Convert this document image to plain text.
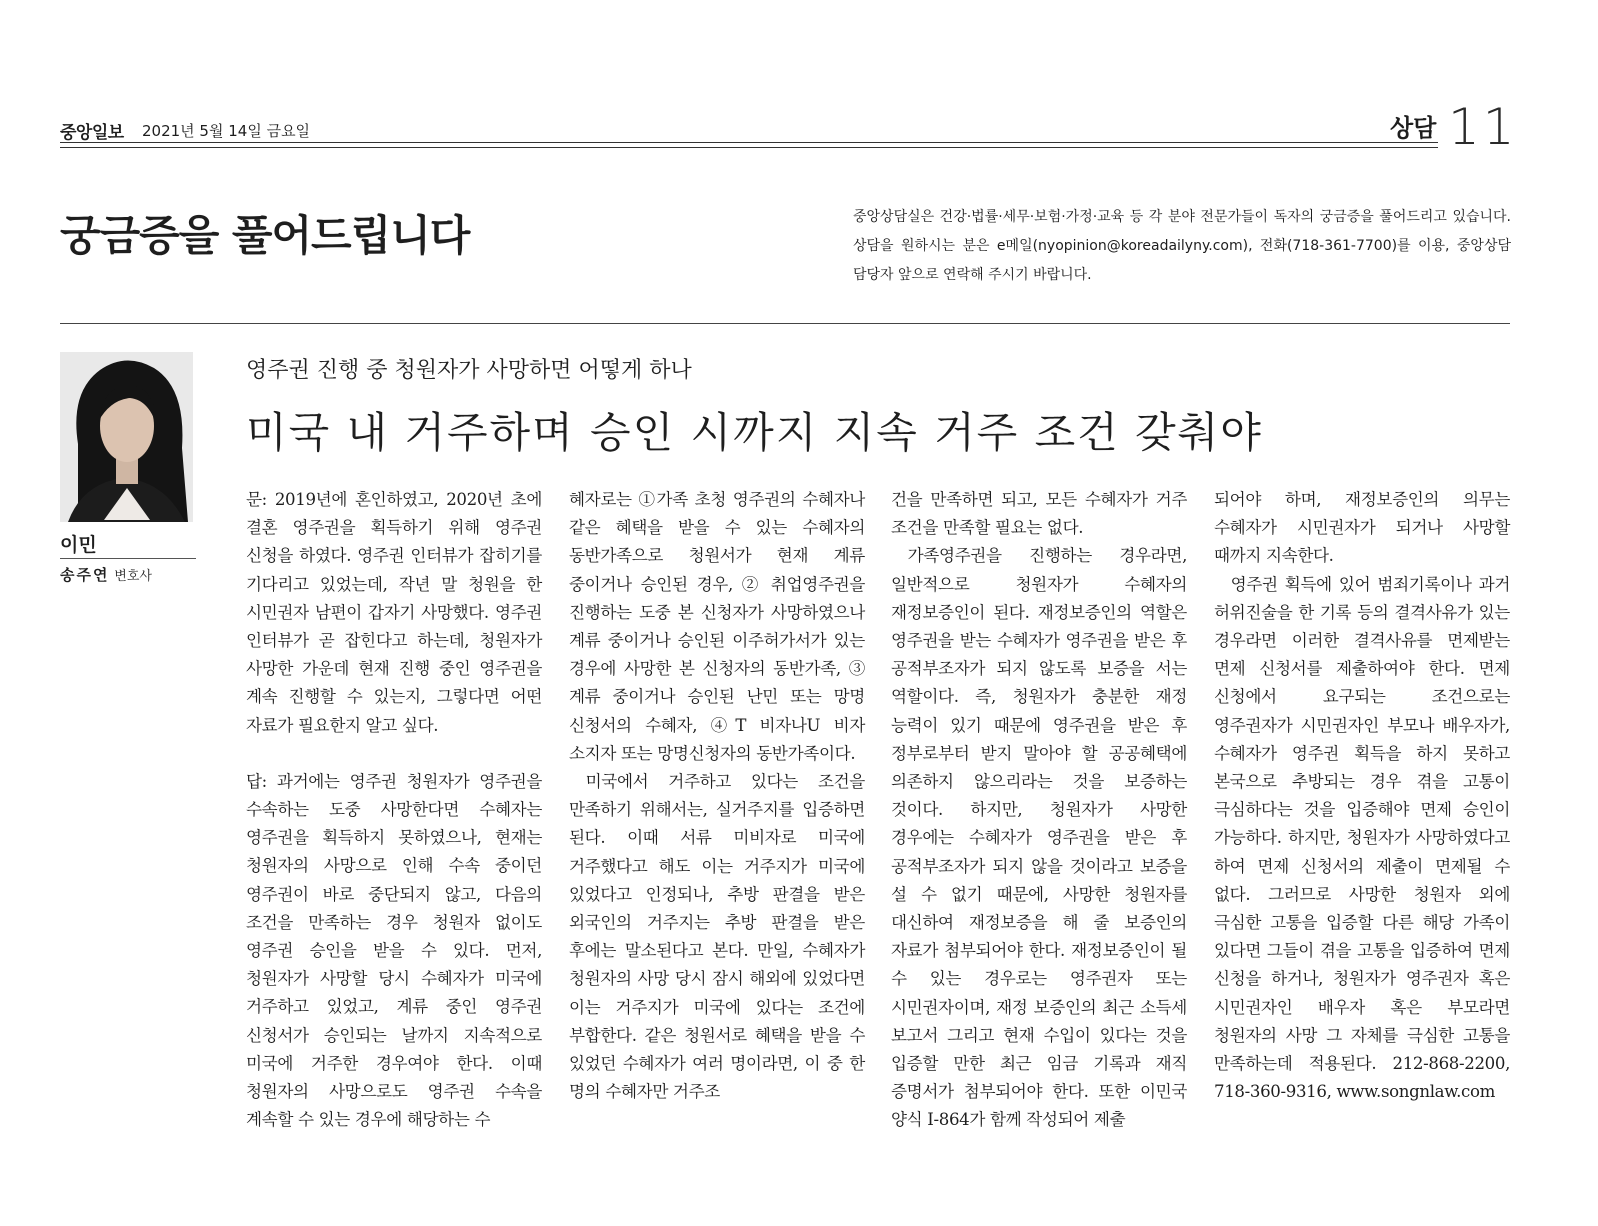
중앙일보 2021년 5월 14일 금요일	상담 11
궁금증을 풀어드립니다	중앙상담실은 건강·법률·세무·보험·가정·교육 등 각 분야 전문가들이 독자의 궁금증을 풀어드리고 있습니다. 상담을 원하시는 분은 e메일(nyopinion@koreadailyny.com), 전화(718-361-7700)를 이용, 중앙상담 담당자 앞으로 연락해 주시기 바랍니다.
이민
송주연 변호사
영주권 진행 중 청원자가 사망하면 어떻게 하나
미국 내 거주하며 승인 시까지 지속 거주 조건 갖춰야

문: 2019년에 혼인하였고, 2020년 초에 결혼 영주권을 획득하기 위해 영주권 신청을 하였다. 영주권 인터뷰가 잡히기를 기다리고 있었는데, 작년 말 청원을 한 시민권자 남편이 갑자기 사망했다. 영주권 인터뷰가 곧 잡힌다고 하는데, 청원자가 사망한 가운데 현재 진행 중인 영주권을 계속 진행할 수 있는지, 그렇다면 어떤 자료가 필요한지 알고 싶다.

답: 과거에는 영주권 청원자가 영주권을 수속하는 도중 사망한다면 수혜자는 영주권을 획득하지 못하였으나, 현재는 청원자의 사망으로 인해 수속 중이던 영주권이 바로 중단되지 않고, 다음의 조건을 만족하는 경우 청원자 없이도 영주권 승인을 받을 수 있다. 먼저, 청원자가 사망할 당시 수혜자가 미국에 거주하고 있었고, 계류 중인 영주권 신청서가 승인되는 날까지 지속적으로 미국에 거주한 경우여야 한다. 이때 청원자의 사망으로도 영주권 수속을 계속할 수 있는 경우에 해당하는 수

혜자로는 ①가족 초청 영주권의 수혜자나 같은 혜택을 받을 수 있는 수혜자의 동반가족으로 청원서가 현재 계류 중이거나 승인된 경우, ② 취업영주권을 진행하는 도중 본 신청자가 사망하였으나 계류 중이거나 승인된 이주허가서가 있는 경우에 사망한 본 신청자의 동반가족, ③ 계류 중이거나 승인된 난민 또는 망명 신청서의 수혜자, ④T 비자나U 비자 소지자 또는 망명신청자의 동반가족이다.

미국에서 거주하고 있다는 조건을 만족하기 위해서는, 실거주지를 입증하면 된다. 이때 서류 미비자로 미국에 거주했다고 해도 이는 거주지가 미국에 있었다고 인정되나, 추방 판결을 받은 외국인의 거주지는 추방 판결을 받은 후에는 말소된다고 본다. 만일, 수혜자가 청원자의 사망 당시 잠시 해외에 있었다면 이는 거주지가 미국에 있다는 조건에 부합한다. 같은 청원서로 혜택을 받을 수 있었던 수혜자가 여러 명이라면, 이 중 한 명의 수혜자만 거주조

건을 만족하면 되고, 모든 수혜자가 거주 조건을 만족할 필요는 없다.

가족영주권을 진행하는 경우라면, 일반적으로 청원자가 수혜자의 재정보증인이 된다. 재정보증인의 역할은 영주권을 받는 수혜자가 영주권을 받은 후 공적부조자가 되지 않도록 보증을 서는 역할이다. 즉, 청원자가 충분한 재정 능력이 있기 때문에 영주권을 받은 후 정부로부터 받지 말아야 할 공공혜택에 의존하지 않으리라는 것을 보증하는 것이다. 하지만, 청원자가 사망한 경우에는 수혜자가 영주권을 받은 후 공적부조자가 되지 않을 것이라고 보증을 설 수 없기 때문에, 사망한 청원자를 대신하여 재정보증을 해 줄 보증인의 자료가 첨부되어야 한다. 재정보증인이 될 수 있는 경우로는 영주권자 또는 시민권자이며, 재정 보증인의 최근 소득세 보고서 그리고 현재 수입이 있다는 것을 입증할 만한 최근 임금 기록과 재직 증명서가 첨부되어야 한다. 또한 이민국 양식 I-864가 함께 작성되어 제출

되어야 하며, 재정보증인의 의무는 수혜자가 시민권자가 되거나 사망할 때까지 지속한다.

영주권 획득에 있어 범죄기록이나 과거 허위진술을 한 기록 등의 결격사유가 있는 경우라면 이러한 결격사유를 면제받는 면제 신청서를 제출하여야 한다. 면제 신청에서 요구되는 조건으로는 영주권자가 시민권자인 부모나 배우자가, 수혜자가 영주권 획득을 하지 못하고 본국으로 추방되는 경우 겪을 고통이 극심하다는 것을 입증해야 면제 승인이 가능하다. 하지만, 청원자가 사망하였다고 하여 면제 신청서의 제출이 면제될 수 없다. 그러므로 사망한 청원자 외에 극심한 고통을 입증할 다른 해당 가족이 있다면 그들이 겪을 고통을 입증하여 면제 신청을 하거나, 청원자가 영주권자 혹은 시민권자인 배우자 혹은 부모라면 청원자의 사망 그 자체를 극심한 고통을 만족하는데 적용된다. 212-868-2200, 718-360-9316, www.songnlaw.com
